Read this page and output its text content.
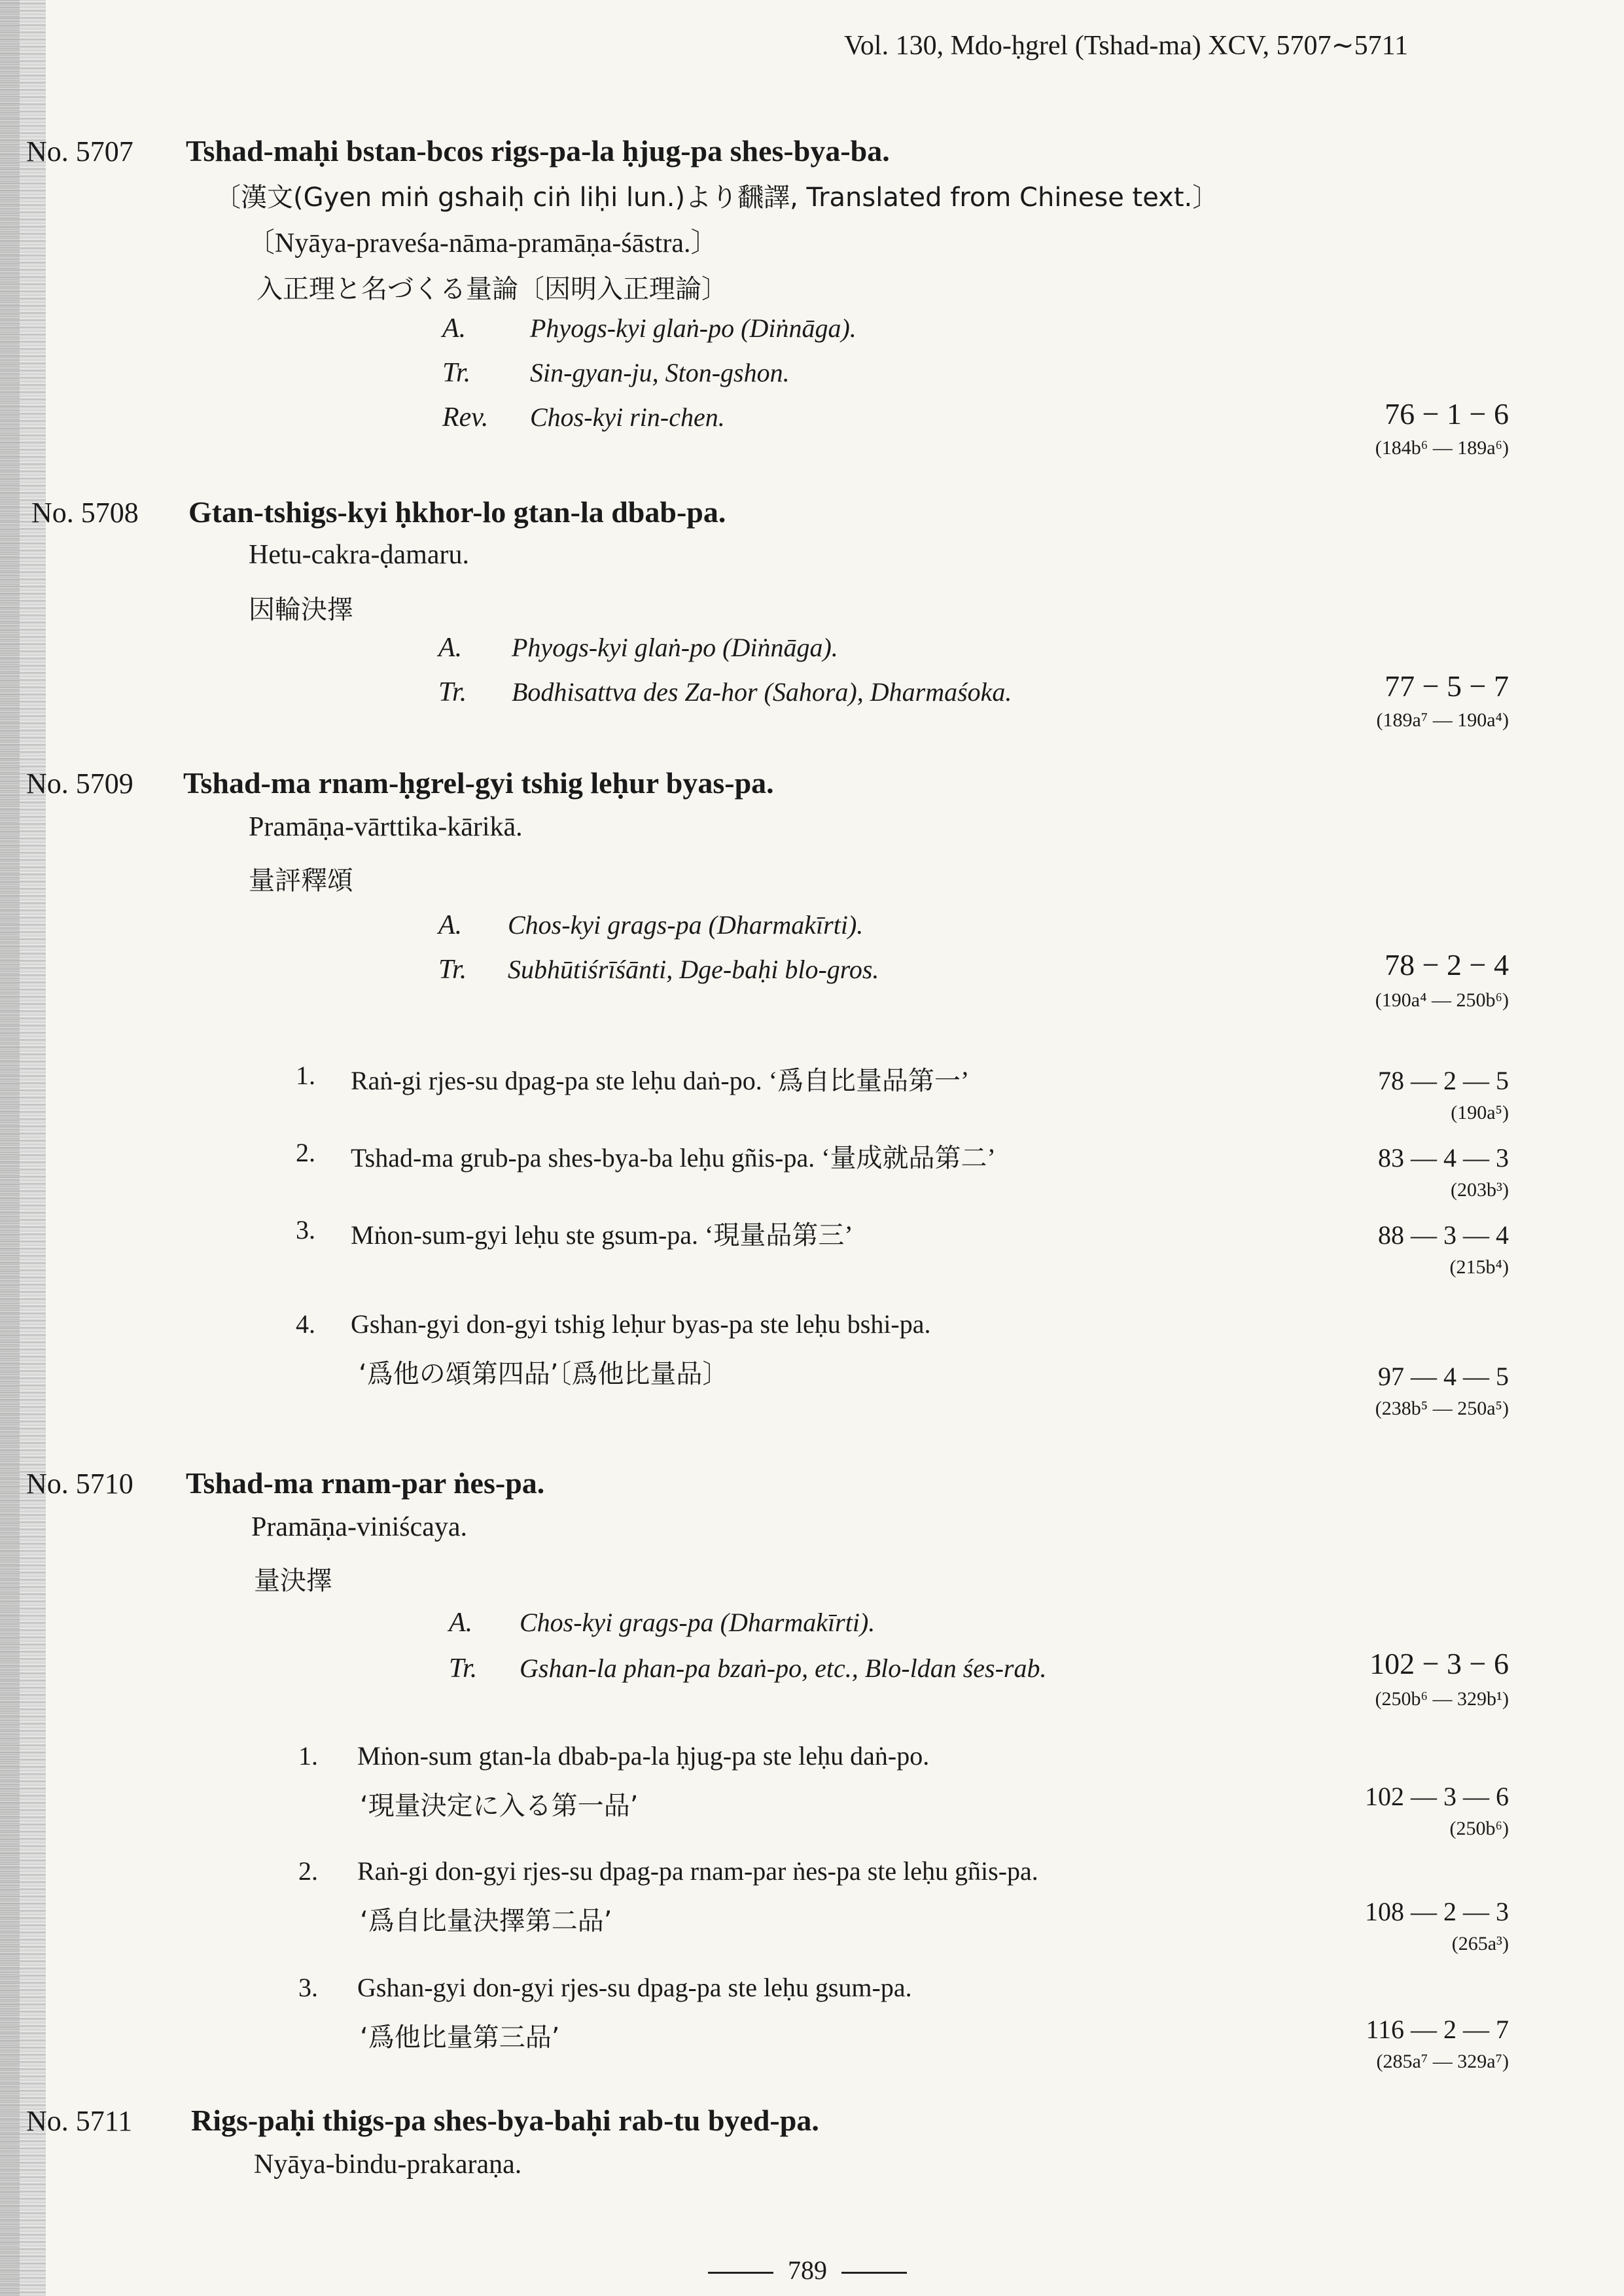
Vol. 130, Mdo-ḥgrel (Tshad-ma) XCV, 5707∼5711
No. 5707 Tshad-maḥi bstan-bcos rigs-pa-la ḥjug-pa shes-bya-ba.
〔漢文(Gyen miṅ gshaiḥ ciṅ liḥi lun.)より飜譯, Translated from Chinese text.〕
〔Nyāya-praveśa-nāma-pramāṇa-śāstra.〕
入正理と名づくる量論〔因明入正理論〕
A. Phyogs-kyi glaṅ-po (Diṅnāga).
Tr. Sin-gyan-ju, Ston-gshon.
Rev. Chos-kyi rin-chen.	76 − 1 − 6
(184b⁶ — 189a⁶)
No. 5708 Gtan-tshigs-kyi ḥkhor-lo gtan-la dbab-pa.
Hetu-cakra-ḍamaru.
因輪決擇
A. Phyogs-kyi glaṅ-po (Diṅnāga).
Tr. Bodhisattva des Za-hor (Sahora), Dharmaśoka.	77 − 5 − 7
(189a⁷ — 190a⁴)
No. 5709 Tshad-ma rnam-ḥgrel-gyi tshig leḥur byas-pa.
Pramāṇa-vārttika-kārikā.
量評釋頌
A. Chos-kyi grags-pa (Dharmakīrti).
Tr. Subhūtiśrīśānti, Dge-baḥi blo-gros.	78 − 2 − 4
(190a⁴ — 250b⁶)
1. Raṅ-gi rjes-su dpag-pa ste leḥu daṅ-po. ‘爲自比量品第一’	78 — 2 — 5
(190a⁵)
2. Tshad-ma grub-pa shes-bya-ba leḥu gñis-pa. ‘量成就品第二’	83 — 4 — 3
(203b³)
3. Mṅon-sum-gyi leḥu ste gsum-pa. ‘現量品第三’	88 — 3 — 4
(215b⁴)
4. Gshan-gyi don-gyi tshig leḥur byas-pa ste leḥu bshi-pa.
‘爲他の頌第四品’〔爲他比量品〕	97 — 4 — 5
(238b⁵ — 250a⁵)
No. 5710 Tshad-ma rnam-par ṅes-pa.
Pramāṇa-viniścaya.
量決擇
A. Chos-kyi grags-pa (Dharmakīrti).
Tr. Gshan-la phan-pa bzaṅ-po, etc., Blo-ldan śes-rab.	102 − 3 − 6
(250b⁶ — 329b¹)
1. Mṅon-sum gtan-la dbab-pa-la ḥjug-pa ste leḥu daṅ-po.
‘現量決定に入る第一品’	102 — 3 — 6
(250b⁶)
2. Raṅ-gi don-gyi rjes-su dpag-pa rnam-par ṅes-pa ste leḥu gñis-pa.
‘爲自比量決擇第二品’	108 — 2 — 3
(265a³)
3. Gshan-gyi don-gyi rjes-su dpag-pa ste leḥu gsum-pa.
‘爲他比量第三品’	116 — 2 — 7
(285a⁷ — 329a⁷)
No. 5711 Rigs-paḥi thigs-pa shes-bya-baḥi rab-tu byed-pa.
Nyāya-bindu-prakaraṇa.
789
